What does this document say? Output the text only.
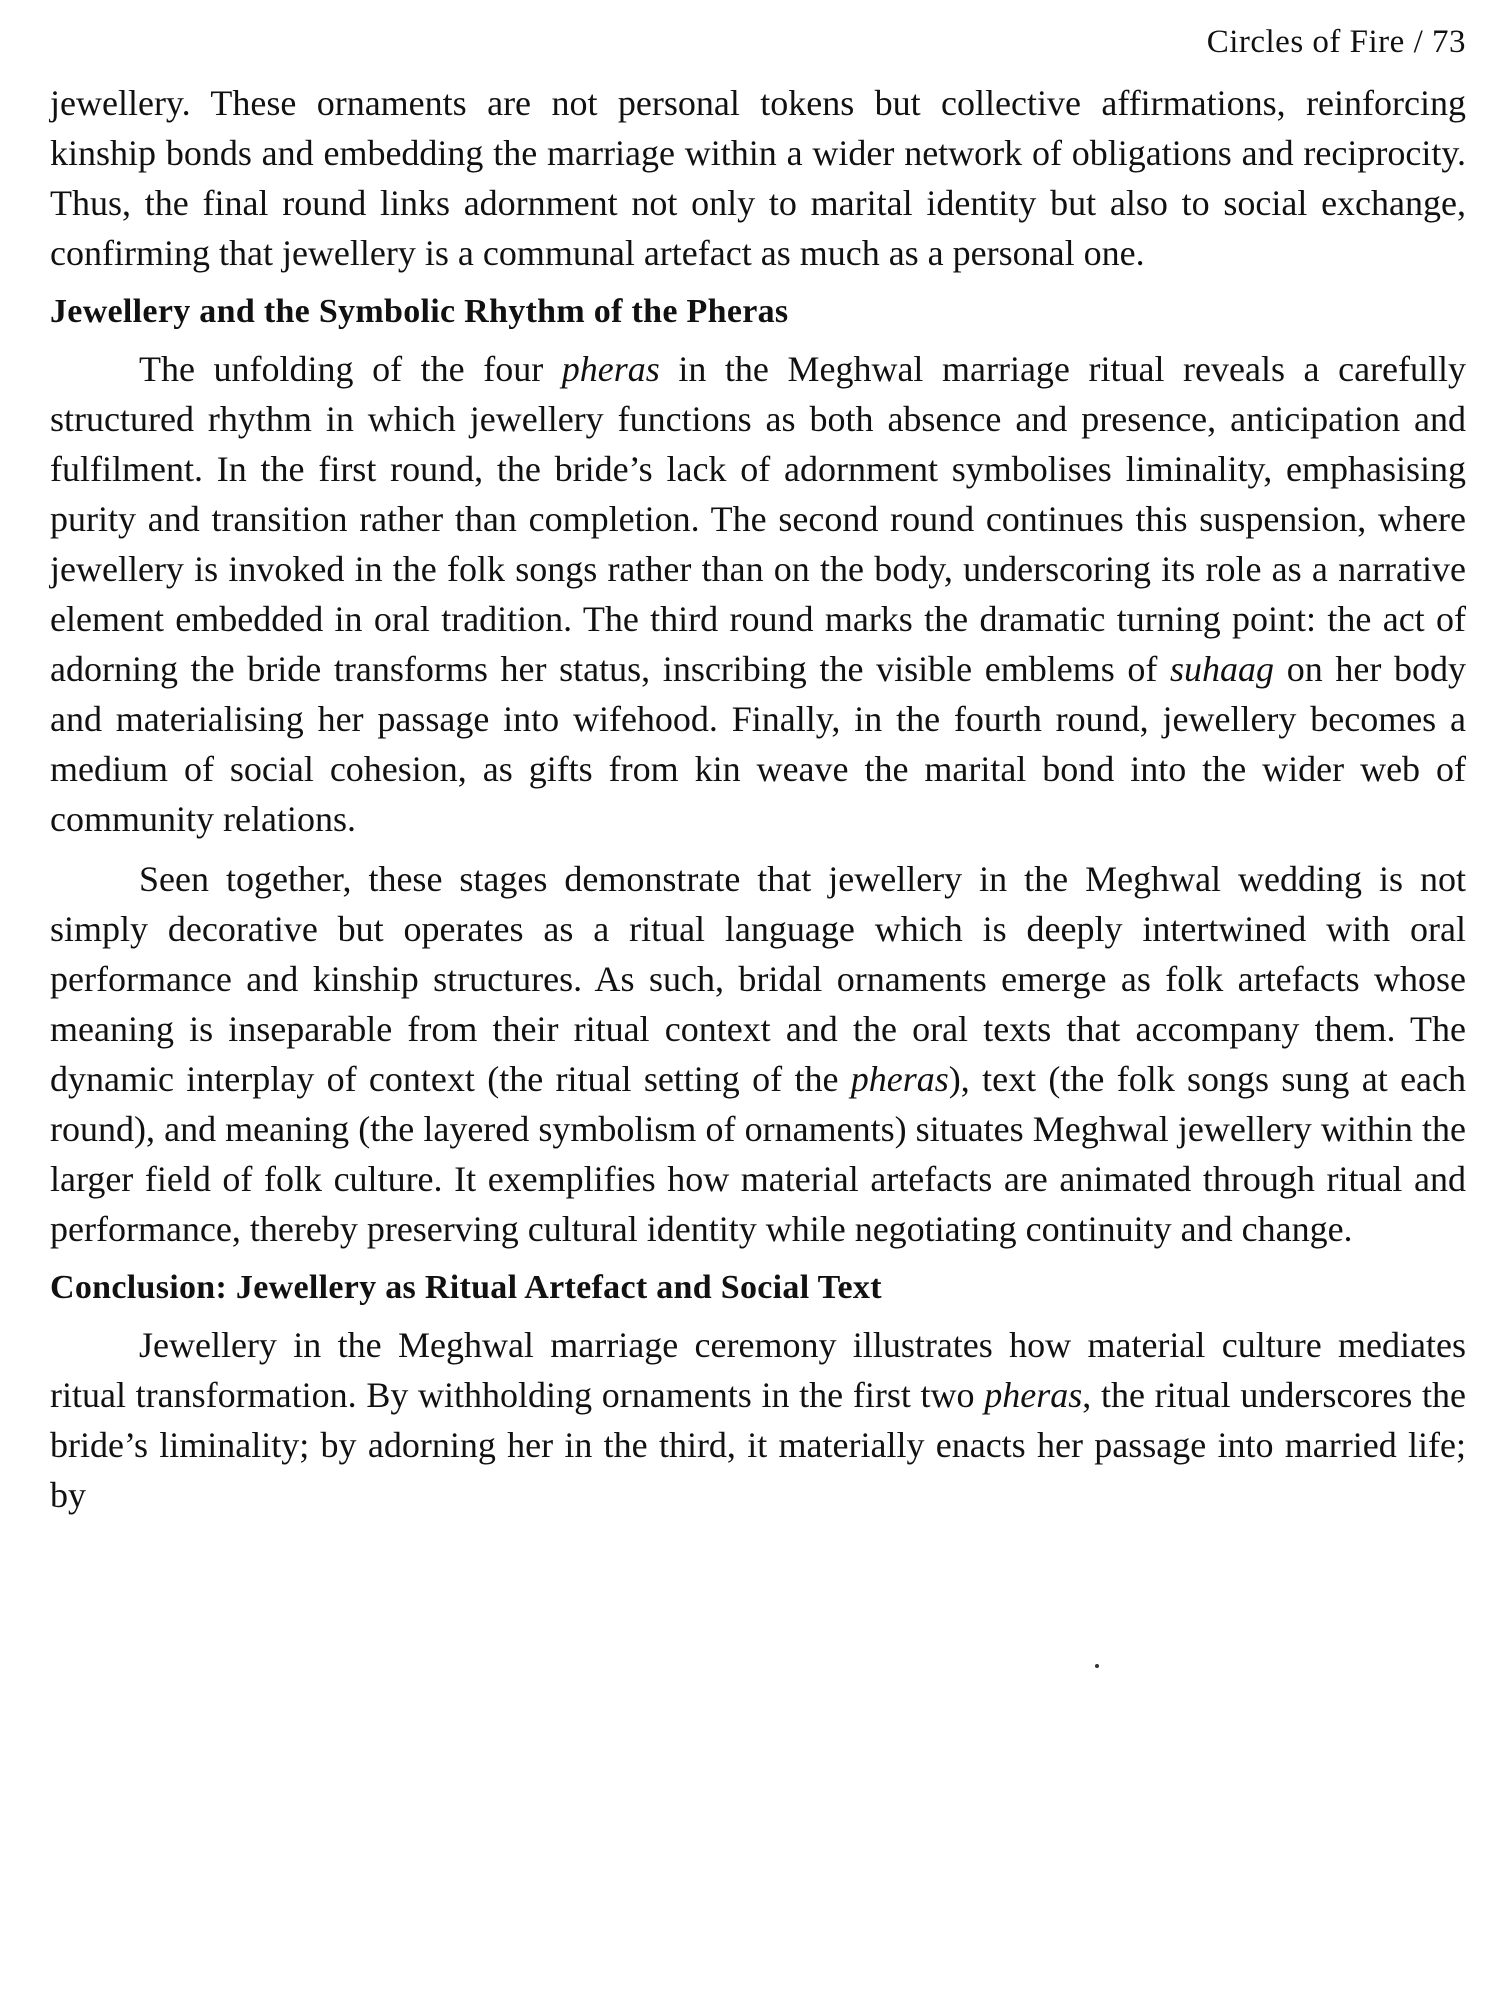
Circles of Fire / 73

jewellery. These ornaments are not personal tokens but collective affirmations, reinforcing kinship bonds and embedding the marriage within a wider network of obligations and reciprocity. Thus, the final round links adornment not only to marital identity but also to social exchange, confirming that jewellery is a communal artefact as much as a personal one.

Jewellery and the Symbolic Rhythm of the Pheras

The unfolding of the four pheras in the Meghwal marriage ritual reveals a carefully structured rhythm in which jewellery functions as both absence and presence, anticipation and fulfilment. In the first round, the bride’s lack of adornment symbolises liminality, emphasising purity and transition rather than completion. The second round continues this suspension, where jewellery is invoked in the folk songs rather than on the body, underscoring its role as a narrative element embedded in oral tradition. The third round marks the dramatic turning point: the act of adorning the bride transforms her status, inscribing the visible emblems of suhaag on her body and materialising her passage into wifehood. Finally, in the fourth round, jewellery becomes a medium of social cohesion, as gifts from kin weave the marital bond into the wider web of community relations.

Seen together, these stages demonstrate that jewellery in the Meghwal wedding is not simply decorative but operates as a ritual language which is deeply intertwined with oral performance and kinship structures. As such, bridal ornaments emerge as folk artefacts whose meaning is inseparable from their ritual context and the oral texts that accompany them. The dynamic interplay of context (the ritual setting of the pheras), text (the folk songs sung at each round), and meaning (the layered symbolism of ornaments) situates Meghwal jewellery within the larger field of folk culture. It exemplifies how material artefacts are animated through ritual and performance, thereby preserving cultural identity while negotiating continuity and change.

Conclusion: Jewellery as Ritual Artefact and Social Text

Jewellery in the Meghwal marriage ceremony illustrates how material culture mediates ritual transformation. By withholding ornaments in the first two pheras, the ritual underscores the bride’s liminality; by adorning her in the third, it materially enacts her passage into married life; by
